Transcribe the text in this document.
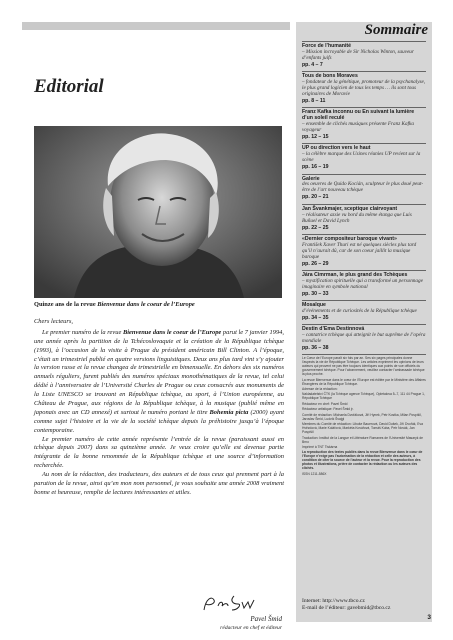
Editorial
Quinze ans de la revue Bienvenue dans le coeur de l’Europe

Chers lecteurs,

Le premier numéro de la revue Bienvenue dans le coeur de l’Europe parut le 7 janvier 1994, une année après la partition de la Tchécoslovaquie et la création de la République tchèque (1993), à l’occasion de la visite à Prague du président américain Bill Clinton. A l’époque, c’était un trimestriel publié en quatre versions linguistiques. Deux ans plus tard vint s’y ajouter la version russe et la revue changea de trimestrielle en bimensuelle. En dehors des six numéros annuels réguliers, furent publiés des numéros spéciaux monothématiques de la revue, tel celui dédié à l’anniversaire de l’Université Charles de Prague ou ceux consacrés aux monuments de la Liste UNESCO se trouvant en République tchèque, au sport, à l’Union européenne, au Château de Prague, aux régions de la République tchèque, à la musique (publié même en japonais avec un CD annexé) et surtout le numéro portant le titre Bohemia picta (2000) ayant comme sujet l’histoire et la vie de la société tchèque depuis la préhistoire jusqu’à l’époque contemporaine.

Le premier numéro de cette année représente l’entrée de la revue (paraissant aussi en tchèque depuis 2007) dans sa quinzième année. Je veux croire qu’elle est devenue partie intégrante de la bonne renommée de la République tchèque et une source d’information recherchée.

Au nom de la rédaction, des traducteurs, des auteurs et de tous ceux qui prennent part à la parution de la revue, ainsi qu’en mon nom personnel, je vous souhaite une année 2008 vraiment bonne et heureuse, remplie de lectures intéressantes et utiles.

Pavel Šmid
rédacteur en chef et éditeur
Sommaire
Force de l’humanité
– Mission incroyable de Sir Nicholas Winton, sauveur d’enfants juifs
pp. 4 – 7
Tous de bons Moraves
– fondateur de la génétique, promoteur de la psychanalyse, le plus grand logicien de tous les temps … ils sont tous originaires de Moravie
pp. 8 – 11
Franz Kafka inconnu ou En suivant la lumière d’un soleil reculé
– ensemble de clichés musiques présente Franz Kafka voyageur
pp. 12 – 15
UP ou direction vers le haut
– la célèbre marque des Usines réunies UP revient sur la scène
pp. 16 – 19
Galerie
des oeuvres de Quido Kocián, sculpteur le plus doué peut-être de l’art nouveau tchèque
pp. 20 – 21
Jan Švankmajer, sceptique clairvoyant
– réalisateur azsie vu bord du même étanga que Luis Buñuel et David Lynch
pp. 22 – 25
«Dernier compositeur baroque vivant»
František Xaver Thuri est né quelques siècles plus tard qu’il n’aurait dû, car de son coeur jaillit la musique baroque
pp. 26 – 29
Jára Cimrman, le plus grand des Tchèques
– mystification spirituelle qui a transformé un personnage imaginaire en symbole national
pp. 30 – 33
Mosaïque
d’événements et de curiosités de la République tchèque
pp. 34 – 35
Destin d’Ema Destinnová
– cantatrice tchèque qui atteignit le but suprême de l’opéra mondiale
pp. 36 – 38

Le Cœur de l’Europe paraît six fois par an. Ses six pages principales donne l’aspects la vie de République Tchèque. Les articles expriment les opinions de leurs auteurs qui peuvent ne pas être toujours identiques aux points de vue officiels du gouvernement tchèque. Pour l’abonnement, veuillez contacter l’ambassade tchèque la plus proche.

La revue Bienvenue dans le cœur de l’Europe est éditée par le Ministère des Affaires Étrangères de la République Tchèque.

Adresse de la rédaction:

Nakladatelství ČTK (la Tchèque agence Tchèque), Opletalova 5–7, 111 44 Prague 1, République Tchèque

Rédacteur en chef: Pavel Šmid

Rédacteur artistique: Pavel Šmid jr.

Comité de rédaction: Michaela Dvořáková, Jiří Hynek, Petr Kostka, Milan Pospíšil, Jaroslav Šmid, Ludvík Švajgl

Membres du Comité de rédaction: Libuše Bauerová, David Dušek, Jiří Dvořák, Eva Hvězdová, Marie Kolářová, Markéta Kovářová, Tomáš Kuba, Petr Novák, Jan Pospíšil

Traduction: Institut de la Langue et Littérature Romanes de l’Université Masaryk de Brno

Imprimé à TNT Tiskárna

La reproduction des textes publiés dans la revue Bienvenue dans le cœur de l’Europe n’exige pas l’autorisation de la rédaction et celle des auteurs, à condition de citer la source de l’auteur et la revue. Pour la reproduction des photos et illustrations, prière de contacter la rédaction ou les auteurs des clichés.

ISSN 1211-586X

Internet: http://www.tbco.cz
E-mail de l’éditeur: gavebmid@tbco.cz
3
